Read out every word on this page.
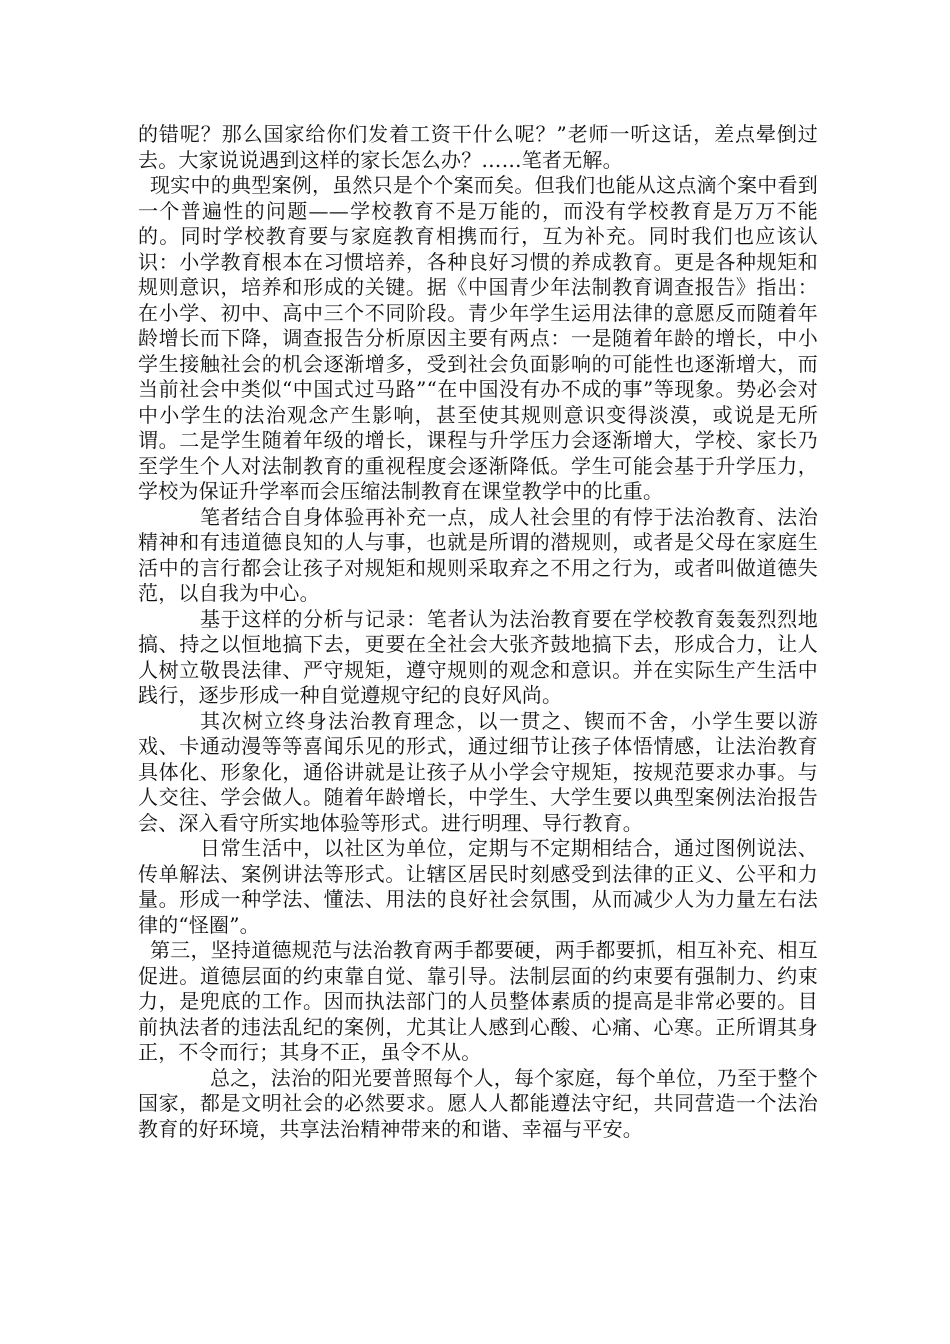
的错呢？那么国家给你们发着工资干什么呢？”老师一听这话，差点晕倒过去。大家说说遇到这样的家长怎么办？……笔者无解。

现实中的典型案例，虽然只是个个案而矣。但我们也能从这点滴个案中看到一个普遍性的问题——学校教育不是万能的，而没有学校教育是万万不能的。同时学校教育要与家庭教育相携而行，互为补充。同时我们也应该认识：小学教育根本在习惯培养，各种良好习惯的养成教育。更是各种规矩和规则意识，培养和形成的关键。据《中国青少年法制教育调查报告》指出：在小学、初中、高中三个不同阶段。青少年学生运用法律的意愿反而随着年龄增长而下降，调查报告分析原因主要有两点：一是随着年龄的增长，中小学生接触社会的机会逐渐增多，受到社会负面影响的可能性也逐渐增大，而当前社会中类似“中国式过马路”“在中国没有办不成的事”等现象。势必会对中小学生的法治观念产生影响，甚至使其规则意识变得淡漠，或说是无所谓。二是学生随着年级的增长，课程与升学压力会逐渐增大，学校、家长乃至学生个人对法制教育的重视程度会逐渐降低。学生可能会基于升学压力，学校为保证升学率而会压缩法制教育在课堂教学中的比重。

笔者结合自身体验再补充一点，成人社会里的有悖于法治教育、法治精神和有违道德良知的人与事，也就是所谓的潜规则，或者是父母在家庭生活中的言行都会让孩子对规矩和规则采取弃之不用之行为，或者叫做道德失范，以自我为中心。

基于这样的分析与记录：笔者认为法治教育要在学校教育轰轰烈烈地搞、持之以恒地搞下去，更要在全社会大张齐鼓地搞下去，形成合力，让人人树立敬畏法律、严守规矩，遵守规则的观念和意识。并在实际生产生活中践行，逐步形成一种自觉遵规守纪的良好风尚。

其次树立终身法治教育理念，以一贯之、锲而不舍，小学生要以游戏、卡通动漫等等喜闻乐见的形式，通过细节让孩子体悟情感，让法治教育具体化、形象化，通俗讲就是让孩子从小学会守规矩，按规范要求办事。与人交往、学会做人。随着年龄增长，中学生、大学生要以典型案例法治报告会、深入看守所实地体验等形式。进行明理、导行教育。

日常生活中，以社区为单位，定期与不定期相结合，通过图例说法、传单解法、案例讲法等形式。让辖区居民时刻感受到法律的正义、公平和力量。形成一种学法、懂法、用法的良好社会氛围，从而减少人为力量左右法律的“怪圈”。

第三，坚持道德规范与法治教育两手都要硬，两手都要抓，相互补充、相互促进。道德层面的约束靠自觉、靠引导。法制层面的约束要有强制力、约束力，是兜底的工作。因而执法部门的人员整体素质的提高是非常必要的。目前执法者的违法乱纪的案例，尤其让人感到心酸、心痛、心寒。正所谓其身正，不令而行；其身不正，虽令不从。

总之，法治的阳光要普照每个人，每个家庭，每个单位，乃至于整个国家，都是文明社会的必然要求。愿人人都能遵法守纪，共同营造一个法治教育的好环境，共享法治精神带来的和谐、幸福与平安。
